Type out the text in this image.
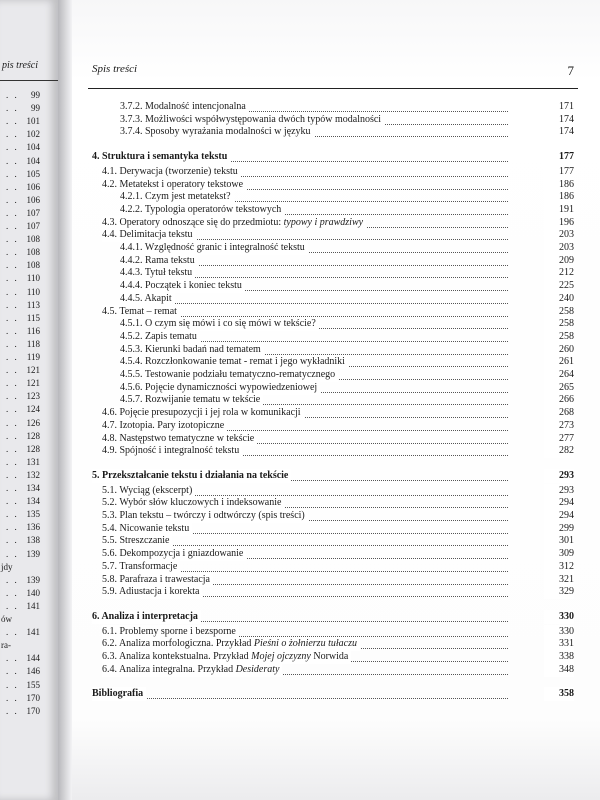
pis treści
. . 99
. . 99
. . 101
. . 102
. . 104
. . 104
. . 105
. . 106
. . 106
. . 107
. . 107
. . 108
. . 108
. . 108
. . 110
. . 110
. . 113
. . 115
. . 116
. . 118
. . 119
. . 121
. . 121
. . 123
. . 124
. . 126
. . 128
. . 128
. . 131
. . 132
. . 134
. . 134
. . 135
. . 136
. . 138
. . 139
jdy
. . 139
. . 140
. . 141
ów
. . 141
ra-
. . 144
. . 146
. . 155
. . 170
. . 170
Spis treści	7
3.7.2. Modalność intencjonalna	171
3.7.3. Możliwości współwystępowania dwóch typów modalności	174
3.7.4. Sposoby wyrażania modalności w języku	174
4. Struktura i semantyka tekstu	177
4.1. Derywacja (tworzenie) tekstu	177
4.2. Metatekst i operatory tekstowe	186
4.2.1. Czym jest metatekst?	186
4.2.2. Typologia operatorów tekstowych	191
4.3. Operatory odnoszące się do przedmiotu: typowy i prawdziwy	196
4.4. Delimitacja tekstu	203
4.4.1. Względność granic i integralność tekstu	203
4.4.2. Rama tekstu	209
4.4.3. Tytuł tekstu	212
4.4.4. Początek i koniec tekstu	225
4.4.5. Akapit	240
4.5. Temat – remat	258
4.5.1. O czym się mówi i co się mówi w tekście?	258
4.5.2. Zapis tematu	258
4.5.3. Kierunki badań nad tematem	260
4.5.4. Rozczłonkowanie temat - remat i jego wykładniki	261
4.5.5. Testowanie podziału tematyczno-rematycznego	264
4.5.6. Pojęcie dynamiczności wypowiedzeniowej	265
4.5.7. Rozwijanie tematu w tekście	266
4.6. Pojęcie presupozycji i jej rola w komunikacji	268
4.7. Izotopia. Pary izotopiczne	273
4.8. Następstwo tematyczne w tekście	277
4.9. Spójność i integralność tekstu	282
5. Przekształcanie tekstu i działania na tekście	293
5.1. Wyciąg (ekscerpt)	293
5.2. Wybór słów kluczowych i indeksowanie	294
5.3. Plan tekstu – twórczy i odtwórczy (spis treści)	294
5.4. Nicowanie tekstu	299
5.5. Streszczanie	301
5.6. Dekompozycja i gniazdowanie	309
5.7. Transformacje	312
5.8. Parafraza i trawestacja	321
5.9. Adiustacja i korekta	329
6. Analiza i interpretacja	330
6.1. Problemy sporne i bezsporne	330
6.2. Analiza morfologiczna. Przykład Pieśni o żołnierzu tułaczu	331
6.3. Analiza kontekstualna. Przykład Mojej ojczyzny Norwida	338
6.4. Analiza integralna. Przykład Desideraty	348
Bibliografia	358
